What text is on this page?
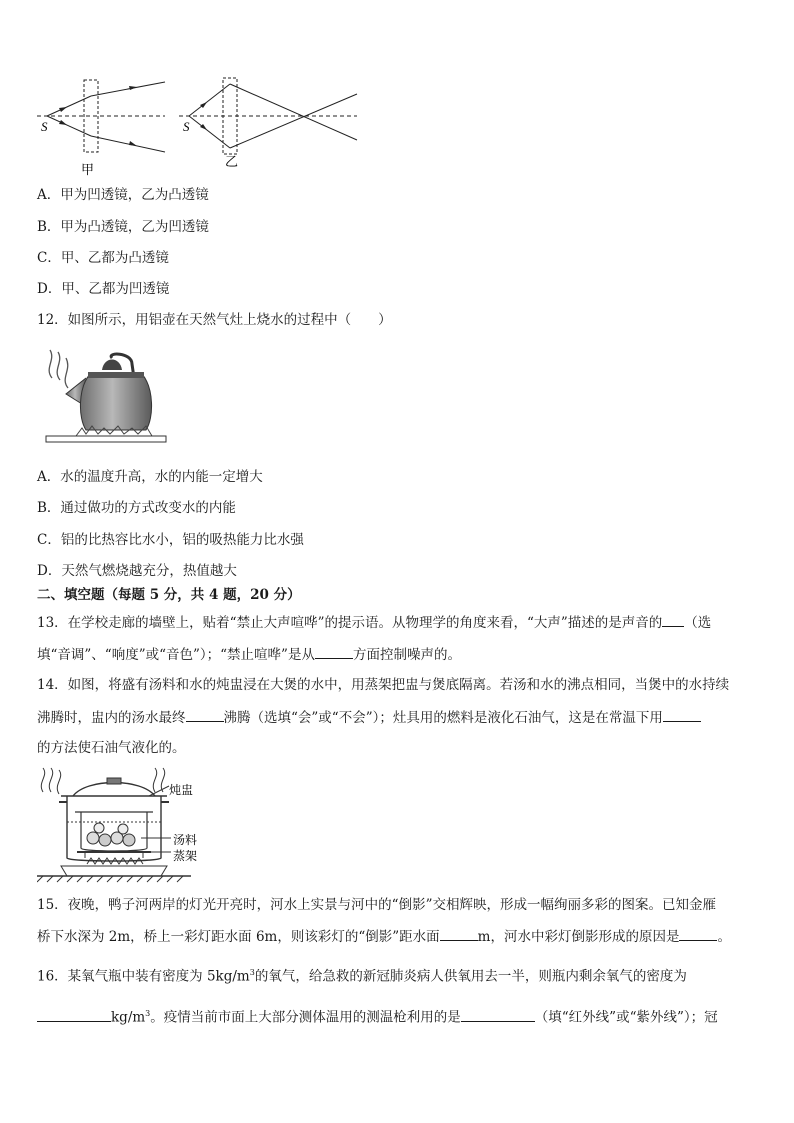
S	S
甲
乙
A．甲为凹透镜，乙为凸透镜
B．甲为凸透镜，乙为凹透镜
C．甲、乙都为凸透镜
D．甲、乙都为凹透镜
12．如图所示，用铝壶在天然气灶上烧水的过程中（　　）
A．水的温度升高，水的内能一定增大
B．通过做功的方式改变水的内能
C．铝的比热容比水小，铝的吸热能力比水强
D．天然气燃烧越充分，热值越大
二、填空题（每题 5 分，共 4 题，20 分）
13．在学校走廊的墙壁上，贴着“禁止大声喧哗”的提示语。从物理学的角度来看，“大声”描述的是声音的 （选
填“音调”、“响度”或“音色”）；“禁止喧哗”是从	方面控制噪声的。
14．如图，将盛有汤料和水的炖盅浸在大煲的水中，用蒸架把盅与煲底隔离。若汤和水的沸点相同，当煲中的水持续
沸腾时，盅内的汤水最终	沸腾（选填“会”或“不会”）；灶具用的燃料是液化石油气，这是在常温下用
的方法使石油气液化的。
炖盅
汤料
蒸架
15．夜晚，鸭子河两岸的灯光开亮时，河水上实景与河中的“倒影”交相辉映，形成一幅绚丽多彩的图案。已知金雁
桥下水深为 2m，桥上一彩灯距水面 6m，则该彩灯的“倒影”距水面	m，河水中彩灯倒影形成的原因是	。
16．某氧气瓶中装有密度为 $5kg/m^3$的氧气，给急救的新冠肺炎病人供氧用去一半，则瓶内剩余氧气的密度为
$kg/m^3$。疫情当前市面上大部分测体温用的测温枪利用的是	（填“红外线”或“紫外线”）；冠
